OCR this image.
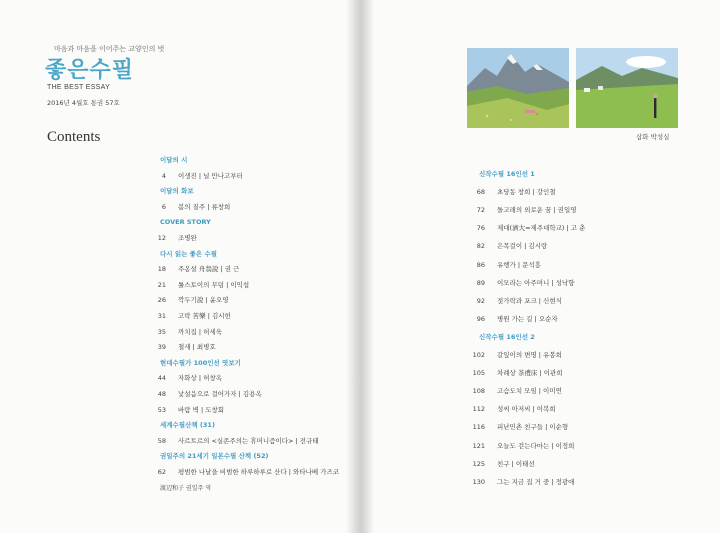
마음과 마음을 이어주는 교양인의 벗
좋은수필
THE BEST ESSAY
2016년 4월호 통권 57호
Contents
이달의 시
4 이생진 | 널 만나고부터
이달의 화보
6 봄의 질주 | 류창희
COVER STORY
12 조병완
다시 읽는 좋은 수필
18 주옹설 舟翁說 | 권 근
21 톨스토이의 무덤 | 이익섭
26 깍두기說 | 윤오영
31 고락 苦樂 | 김시헌
35 까치집 | 허세욱
39 철새 | 최병호
현대수필가 100인선 엿보기
44 자화상 | 허창옥
48 낯설음으로 걸어가자 | 김용옥
53 바람 벽 | 도창회
세계수필산책 (31)
58 사르트르의 <실존주의는 휴머니즘이다> | 전규태
권일주의 21세기 일본수필 산책 (52)
62 평범한 나날을 비범한 하루하루로 산다 | 와타나베 가즈코
渡辺和子 권일주 역
신작수필 16인선 1
68 초당동 창희 | 강인철
72 돌고래의 외로운 꿈 | 권일영
76 제대(濟大=제주대학교) | 고 춘
82 은목걸이 | 김시랑
86 유행가 | 문석흥
89 이모라는 아주머니 | 성낙향
92 젓가락과 포크 | 신현식
96 병원 가는 길 | 오순자
신작수필 16인선 2
102 갈잎이의 변명 | 유봉희
105 차례상 茶禮床 | 이관희
108 고슴도치 모임 | 이미연
112 성씨 아저씨 | 이복희
116 피난민촌 친구들 | 이순형
121 오늘도 걷는다마는 | 이정희
125 친구 | 이태선
130 그는 지금 집 거 중 | 정광애
삽화 박성실
